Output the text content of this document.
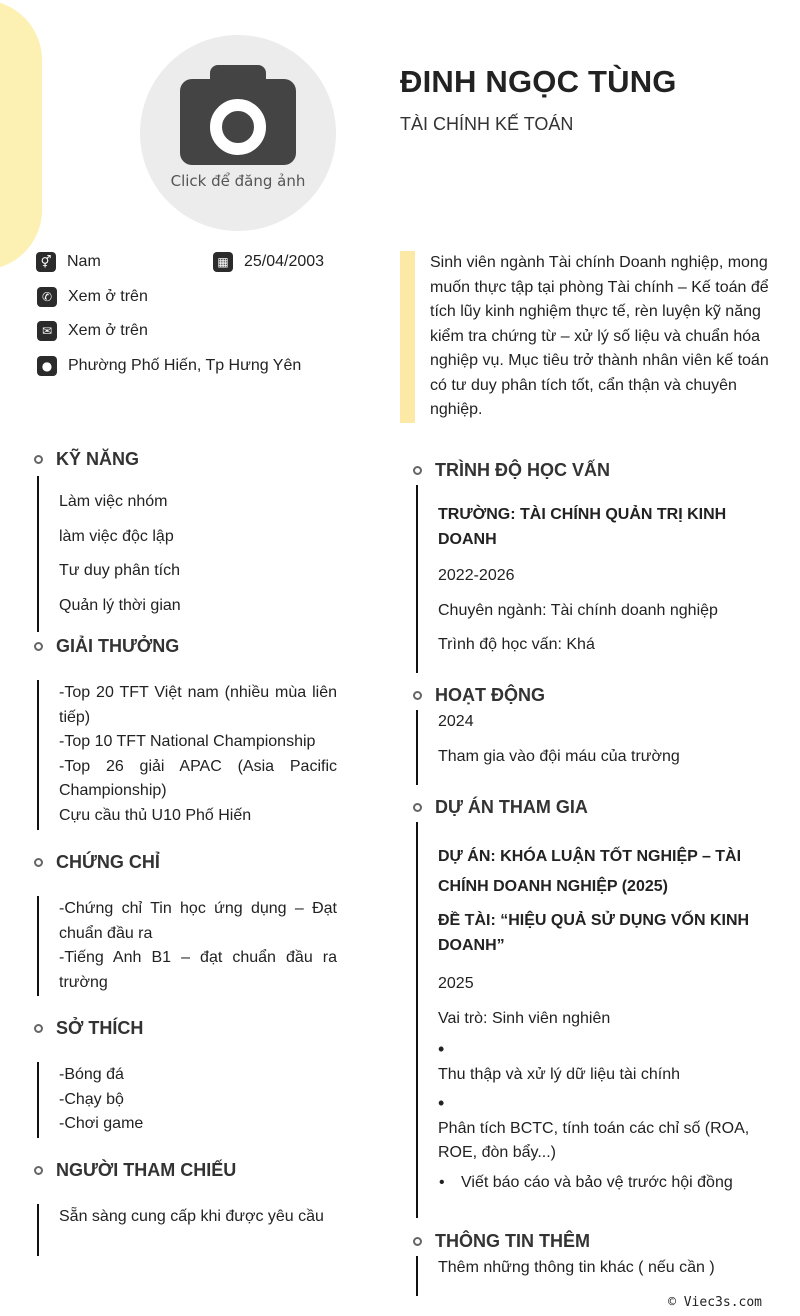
Click để đăng ảnh
ĐINH NGỌC TÙNG
TÀI CHÍNH KẾ TOÁN
⚥ Nam	▦ 25/04/2003
✆ Xem ở trên
✉ Xem ở trên
● Phường Phố Hiến, Tp Hưng Yên
Sinh viên ngành Tài chính Doanh nghiệp, mong muốn thực tập tại phòng Tài chính – Kế toán để tích lũy kinh nghiệm thực tế, rèn luyện kỹ năng kiểm tra chứng từ – xử lý số liệu và chuẩn hóa nghiệp vụ. Mục tiêu trở thành nhân viên kế toán có tư duy phân tích tốt, cẩn thận và chuyên nghiệp.
KỸ NĂNG
Làm việc nhóm
làm việc độc lập
Tư duy phân tích
Quản lý thời gian
GIẢI THƯỞNG
-Top 20 TFT Việt nam (nhiều mùa liên tiếp)
-Top 10 TFT National Championship
-Top 26 giải APAC (Asia Pacific Championship)
Cựu cầu thủ U10 Phố Hiến
CHỨNG CHỈ
-Chứng chỉ Tin học ứng dụng – Đạt chuẩn đầu ra
-Tiếng Anh B1 – đạt chuẩn đầu ra trường
SỞ THÍCH
-Bóng đá
-Chạy bộ
-Chơi game
NGƯỜI THAM CHIẾU
Sẵn sàng cung cấp khi được yêu cầu
TRÌNH ĐỘ HỌC VẤN
TRƯỜNG: TÀI CHÍNH QUẢN TRỊ KINH DOANH
2022-2026
Chuyên ngành: Tài chính doanh nghiệp
Trình độ học vấn: Khá
HOẠT ĐỘNG
2024
Tham gia vào đội máu của trường
DỰ ÁN THAM GIA
DỰ ÁN: KHÓA LUẬN TỐT NGHIỆP – TÀI CHÍNH DOANH NGHIỆP (2025)
ĐỀ TÀI: “HIỆU QUẢ SỬ DỤNG VỐN KINH DOANH”
2025
Vai trò: Sinh viên nghiên
•
Thu thập và xử lý dữ liệu tài chính
•
Phân tích BCTC, tính toán các chỉ số (ROA, ROE, đòn bẩy...)
•	Viết báo cáo và bảo vệ trước hội đồng
THÔNG TIN THÊM
Thêm những thông tin khác ( nếu cần )
© Viec3s.com
